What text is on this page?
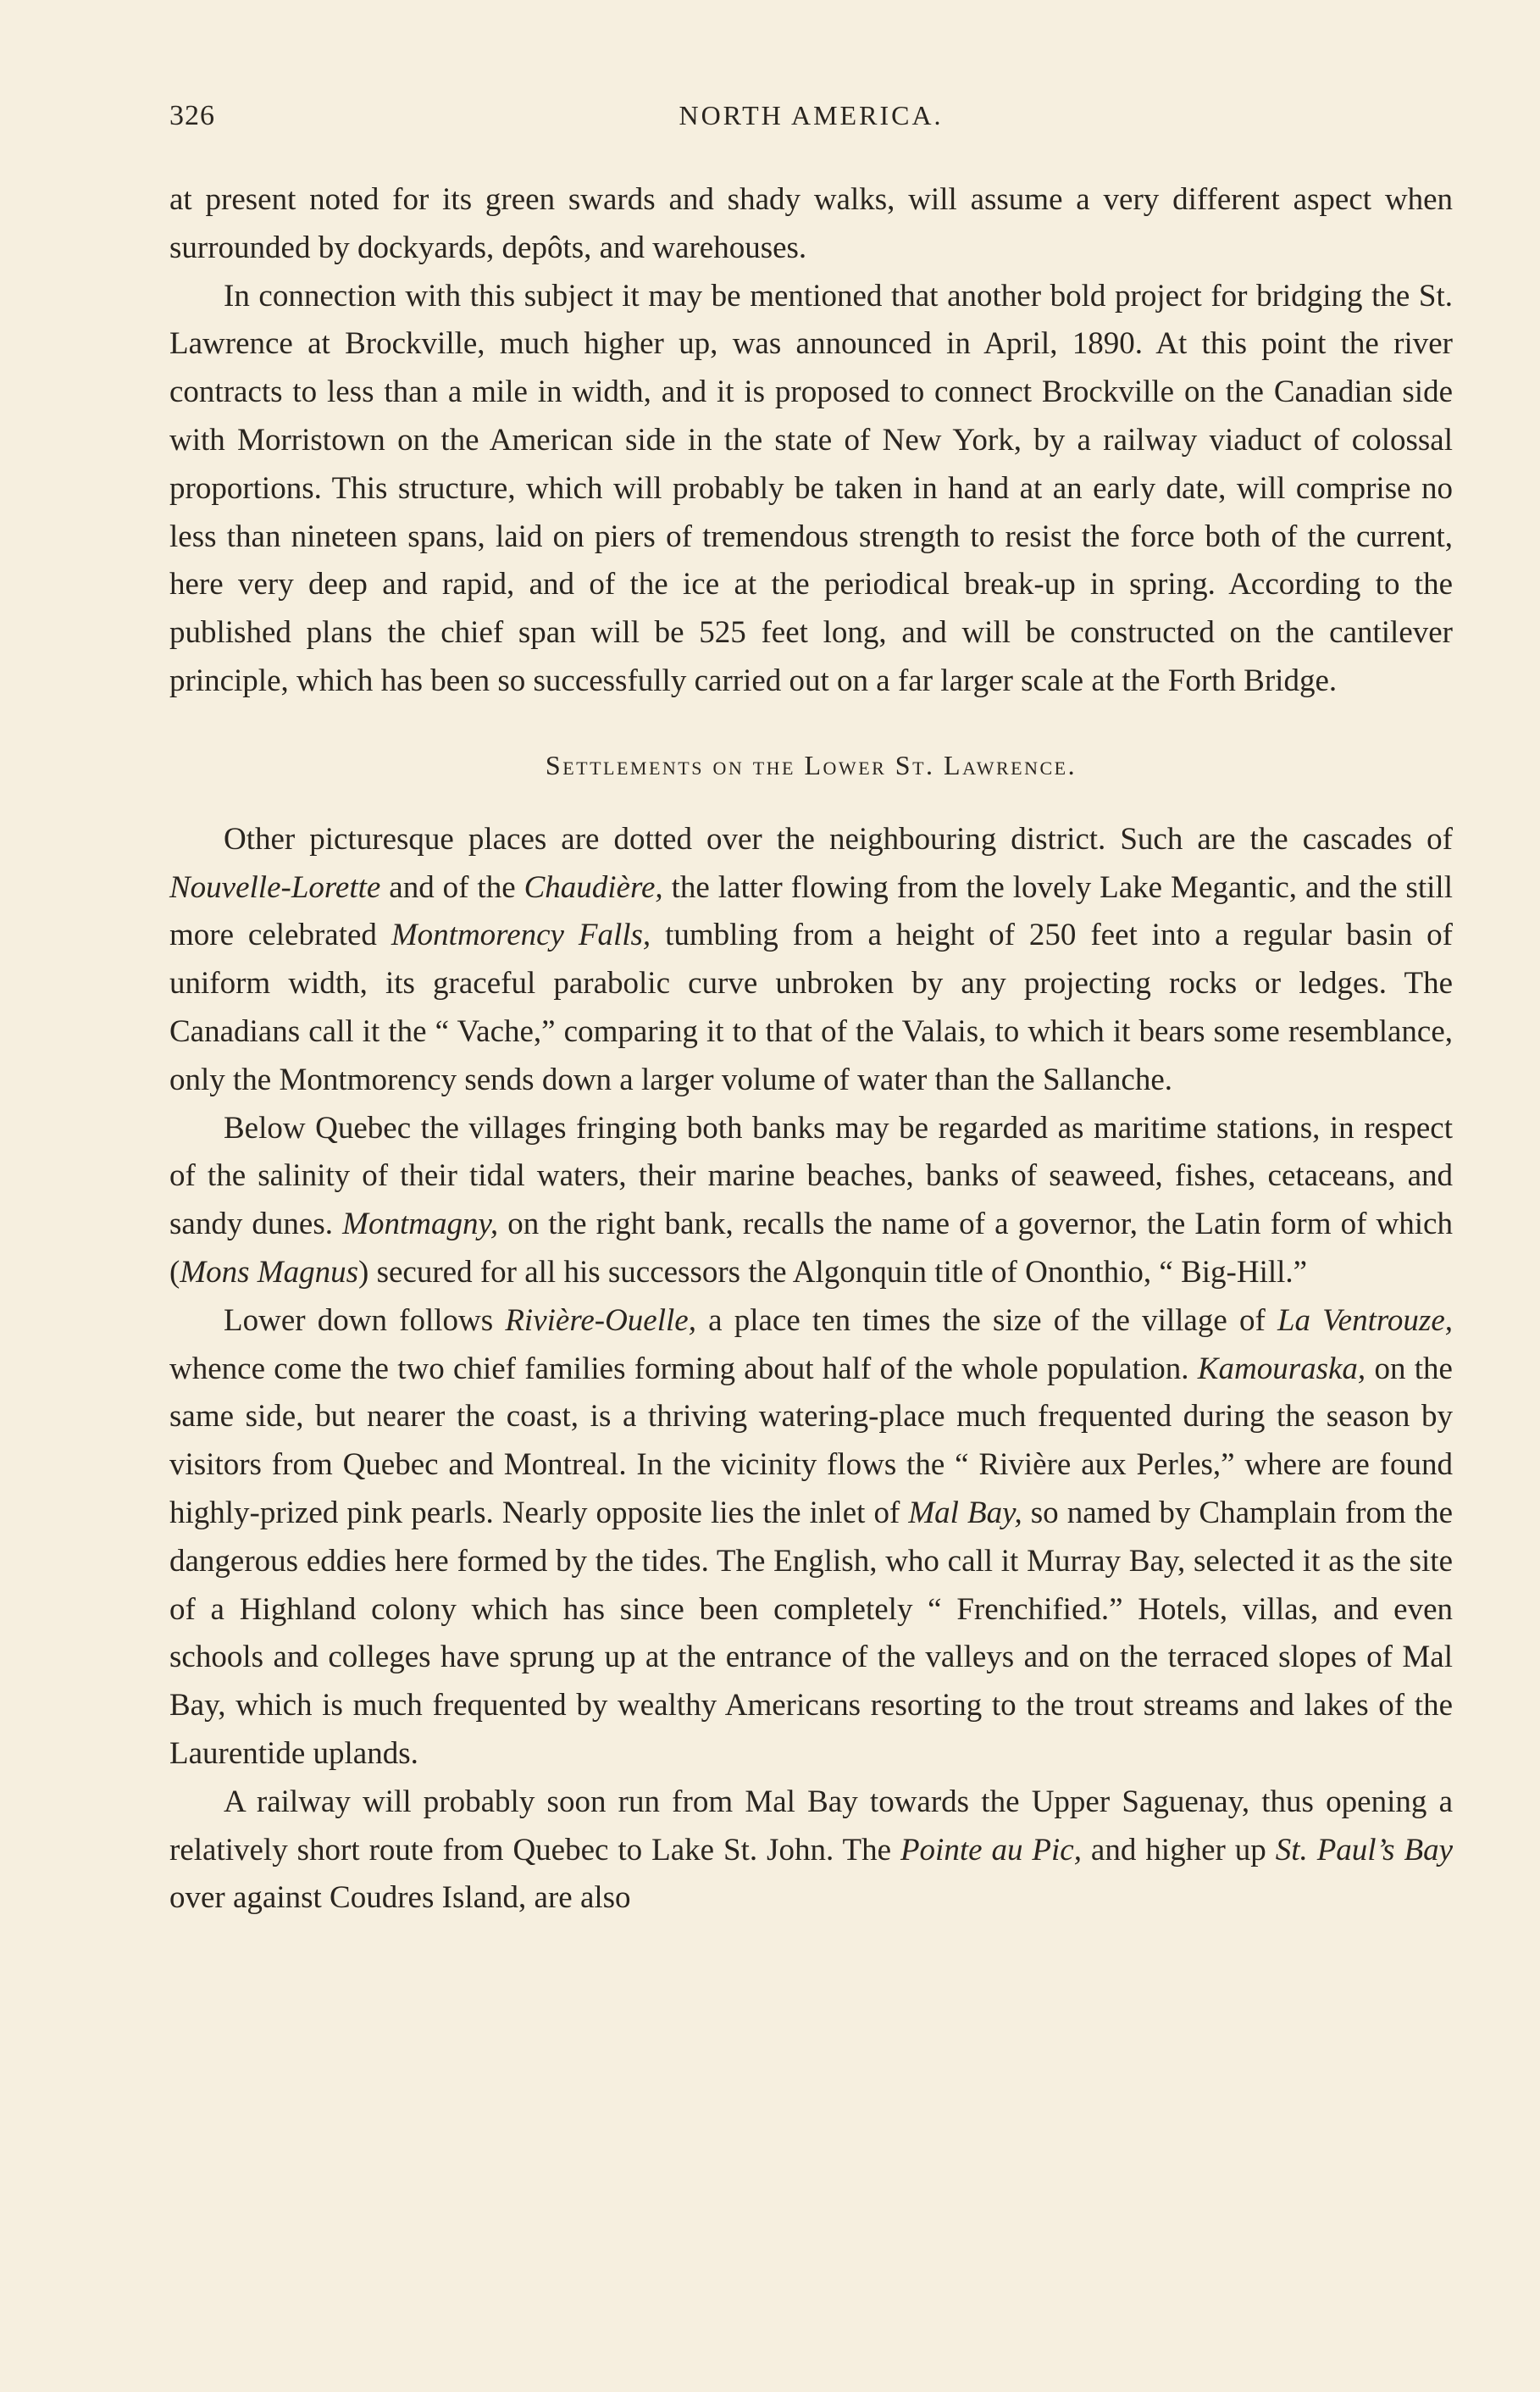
326	NORTH AMERICA.

at present noted for its green swards and shady walks, will assume a very different aspect when surrounded by dockyards, depôts, and warehouses.

In connection with this subject it may be mentioned that another bold project for bridging the St. Lawrence at Brockville, much higher up, was announced in April, 1890. At this point the river contracts to less than a mile in width, and it is proposed to connect Brockville on the Canadian side with Morristown on the American side in the state of New York, by a railway viaduct of colossal proportions. This structure, which will probably be taken in hand at an early date, will comprise no less than nineteen spans, laid on piers of tremendous strength to resist the force both of the current, here very deep and rapid, and of the ice at the periodical break-up in spring. According to the published plans the chief span will be 525 feet long, and will be constructed on the cantilever principle, which has been so successfully carried out on a far larger scale at the Forth Bridge.

Settlements on the Lower St. Lawrence.

Other picturesque places are dotted over the neighbouring district. Such are the cascades of Nouvelle-Lorette and of the Chaudière, the latter flowing from the lovely Lake Megantic, and the still more celebrated Montmorency Falls, tumbling from a height of 250 feet into a regular basin of uniform width, its graceful parabolic curve unbroken by any projecting rocks or ledges. The Canadians call it the “ Vache,” comparing it to that of the Valais, to which it bears some resemblance, only the Montmorency sends down a larger volume of water than the Sallanche.

Below Quebec the villages fringing both banks may be regarded as maritime stations, in respect of the salinity of their tidal waters, their marine beaches, banks of seaweed, fishes, cetaceans, and sandy dunes. Montmagny, on the right bank, recalls the name of a governor, the Latin form of which (Mons Magnus) secured for all his successors the Algonquin title of Ononthio, “ Big-Hill.”

Lower down follows Rivière-Ouelle, a place ten times the size of the village of La Ventrouze, whence come the two chief families forming about half of the whole population. Kamouraska, on the same side, but nearer the coast, is a thriving watering-place much frequented during the season by visitors from Quebec and Montreal. In the vicinity flows the “ Rivière aux Perles,” where are found highly-prized pink pearls. Nearly opposite lies the inlet of Mal Bay, so named by Champlain from the dangerous eddies here formed by the tides. The English, who call it Murray Bay, selected it as the site of a Highland colony which has since been completely “ Frenchified.” Hotels, villas, and even schools and colleges have sprung up at the entrance of the valleys and on the terraced slopes of Mal Bay, which is much frequented by wealthy Americans resorting to the trout streams and lakes of the Laurentide uplands.

A railway will probably soon run from Mal Bay towards the Upper Saguenay, thus opening a relatively short route from Quebec to Lake St. John. The Pointe au Pic, and higher up St. Paul’s Bay over against Coudres Island, are also
